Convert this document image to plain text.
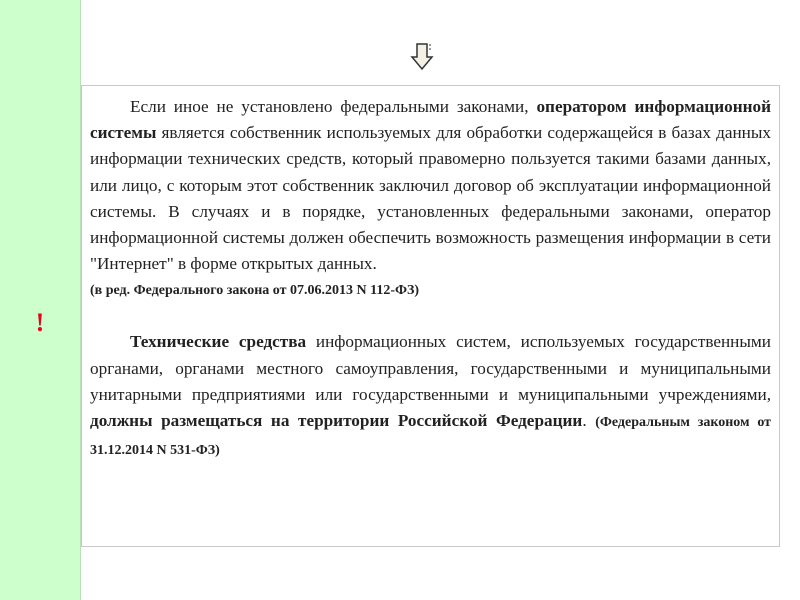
!

Если иное не установлено федеральными законами, оператором информационной системы является собственник используемых для обработки содержащейся в базах данных информации технических средств, который правомерно пользуется такими базами данных, или лицо, с которым этот собственник заключил договор об эксплуатации информационной системы. В случаях и в порядке, установленных федеральными законами, оператор информационной системы должен обеспечить возможность размещения информации в сети "Интернет" в форме открытых данных.

(в ред. Федерального закона от 07.06.2013 N 112-ФЗ)

Технические средства информационных систем, используемых государственными органами, органами местного самоуправления, государственными и муниципальными унитарными предприятиями или государственными и муниципальными учреждениями, должны размещаться на территории Российской Федерации. (Федеральным законом от 31.12.2014 N 531-ФЗ)
